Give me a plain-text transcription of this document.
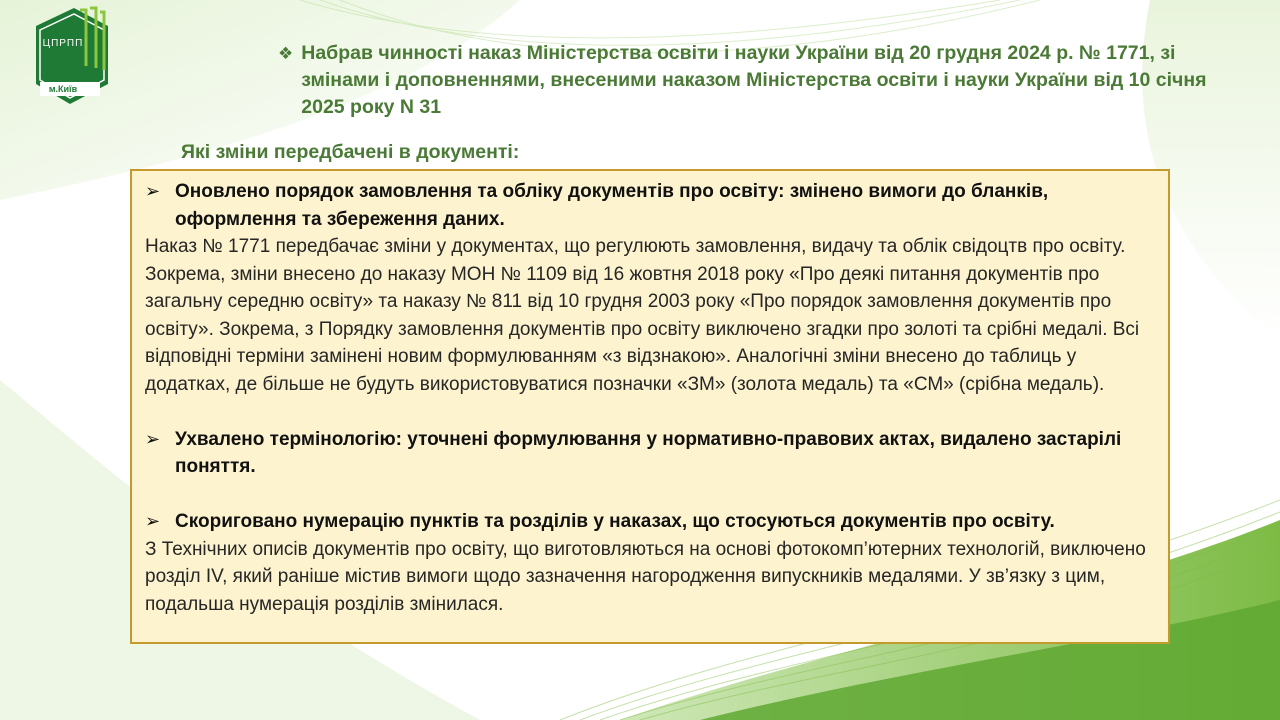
ЦПРПП
м.Київ
❖ Набрав чинності наказ Міністерства освіти і науки України від 20 грудня 2024 р. № 1771, зі змінами і доповненнями, внесеними наказом Міністерства освіти і науки України від 10 січня 2025 року N 31
Які зміни передбачені в документі:
➢ Оновлено порядок замовлення та обліку документів про освіту: змінено вимоги до бланків, оформлення та збереження даних.
Наказ № 1771 передбачає зміни у документах, що регулюють замовлення, видачу та облік свідоцтв про освіту. Зокрема, зміни внесено до наказу МОН № 1109 від 16 жовтня 2018 року «Про деякі питання документів про загальну середню освіту» та наказу № 811 від 10 грудня 2003 року «Про порядок замовлення документів про освіту». Зокрема, з Порядку замовлення документів про освіту виключено згадки про золоті та срібні медалі. Всі відповідні терміни замінені новим формулюванням «з відзнакою». Аналогічні зміни внесено до таблиць у додатках, де більше не будуть використовуватися позначки «ЗМ» (золота медаль) та «СМ» (срібна медаль).
➢ Ухвалено термінологію: уточнені формулювання у нормативно-правових актах, видалено застарілі поняття.
➢ Скориговано нумерацію пунктів та розділів у наказах, що стосуються документів про освіту.
З Технічних описів документів про освіту, що виготовляються на основі фотокомп’ютерних технологій, виключено розділ IV, який раніше містив вимоги щодо зазначення нагородження випускників медалями. У зв’язку з цим, подальша нумерація розділів змінилася.
